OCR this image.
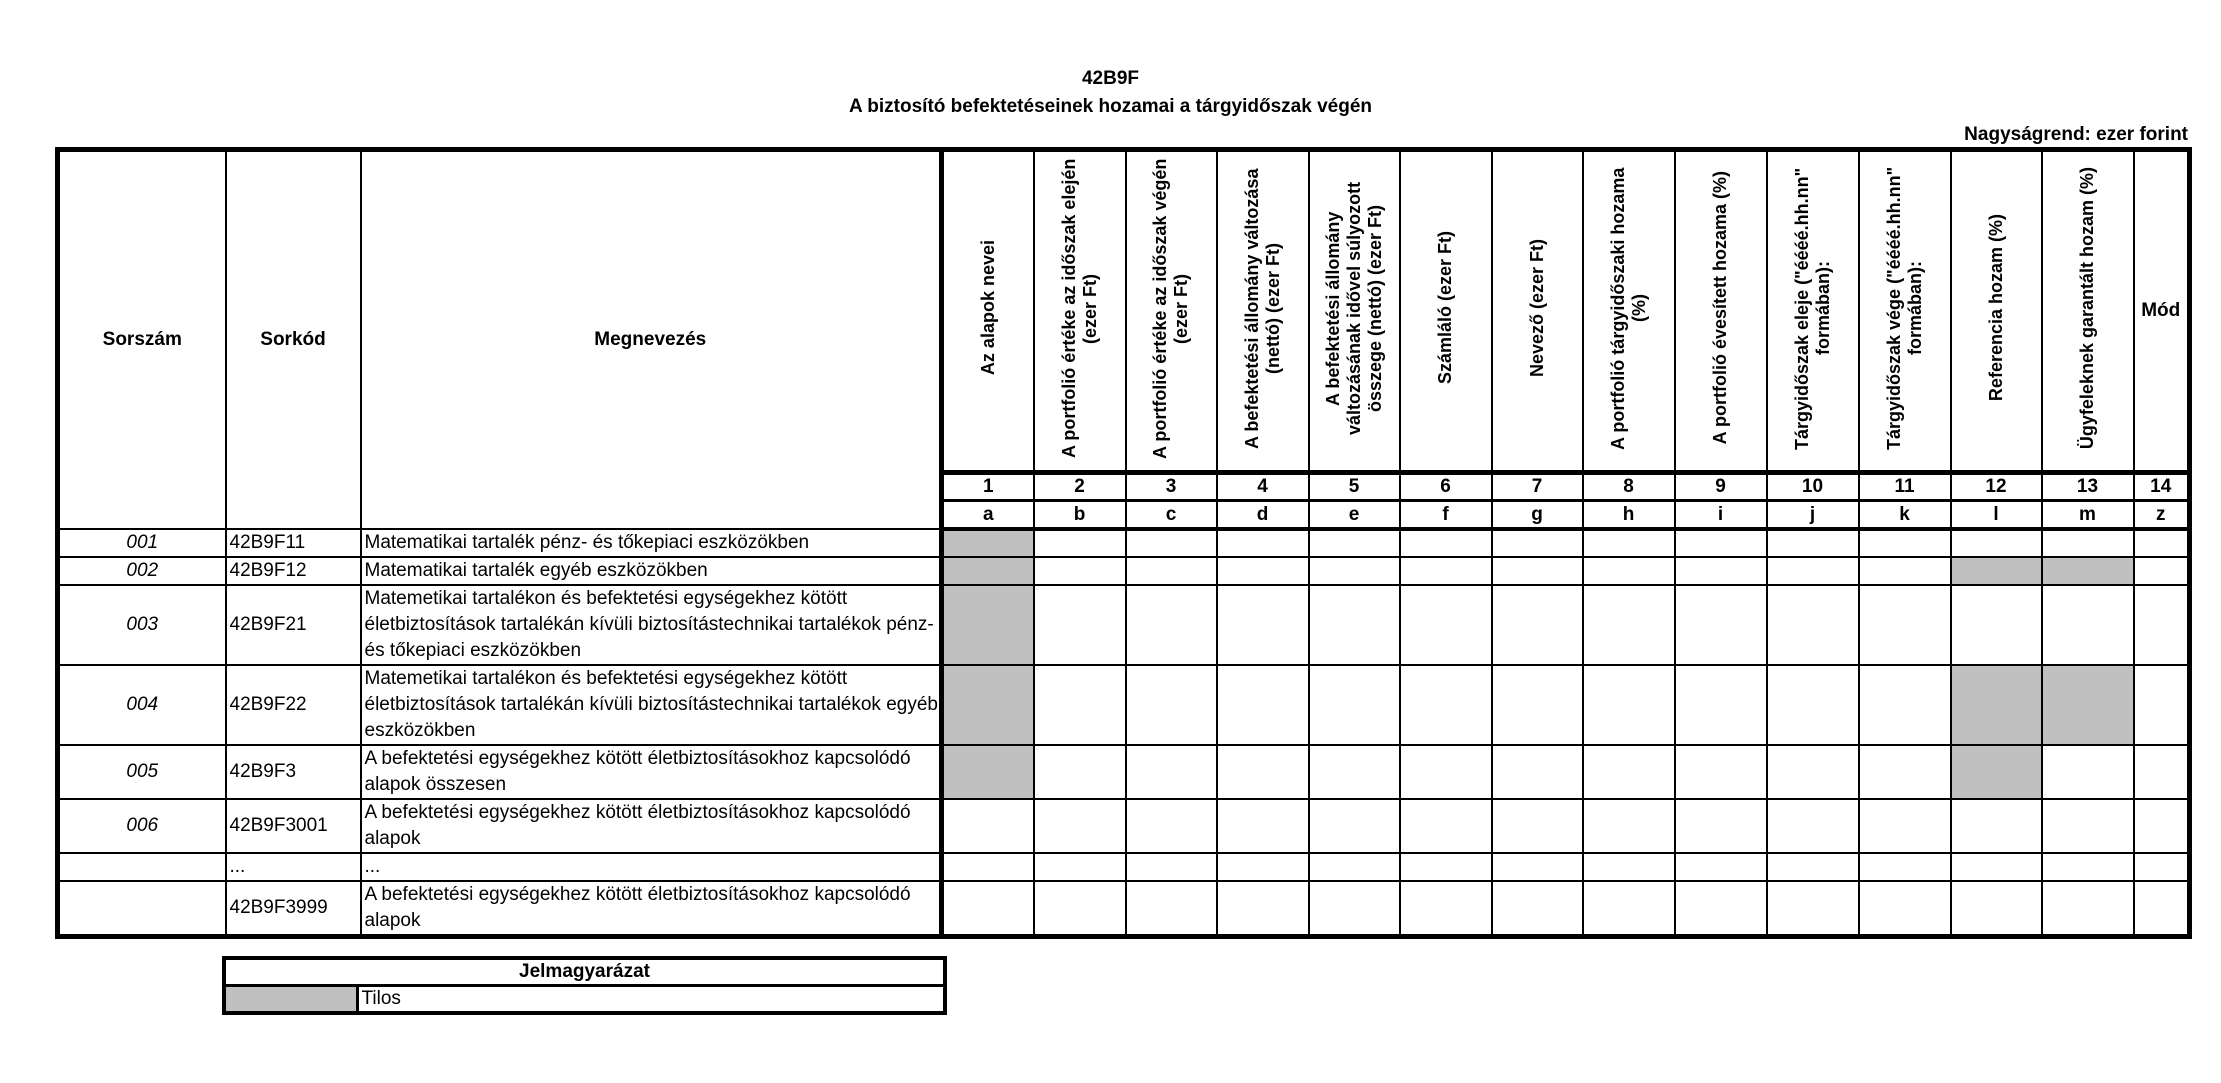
42B9F
A biztosító befektetéseinek hozamai a tárgyidőszak végén
Nagyságrend: ezer forint
Sorszám	Sorkód	Megnevezés	Az alapok nevei	A portfolió értéke az időszak elején (ezer Ft)	A portfolió értéke az időszak végén (ezer Ft)	A befektetési állomány változása (nettó) (ezer Ft)	A befektetési állomány változásának idővel súlyozott összege (nettó) (ezer Ft)	Számláló (ezer Ft)	Nevező (ezer Ft)	A portfolió tárgyidőszaki hozama (%)	A portfolió évesített hozama (%)	Tárgyidőszak eleje ("éééé.hh.nn" formában):	Tárgyidőszak vége ("éééé.hh.nn" formában):	Referencia hozam (%)	Ügyfeleknek garantált hozam (%)	Mód
			1	2	3	4	5	6	7	8	9	10	11	12	13	14
			a	b	c	d	e	f	g	h	i	j	k	l	m	z
001	42B9F11	Matematikai tartalék pénz- és tőkepiaci eszközökben														
002	42B9F12	Matematikai tartalék egyéb eszközökben														
003	42B9F21	Matemetikai tartalékon és befektetési egységekhez kötött életbiztosítások tartalékán kívüli biztosítástechnikai tartalékok pénz- és tőkepiaci eszközökben														
004	42B9F22	Matemetikai tartalékon és befektetési egységekhez kötött életbiztosítások tartalékán kívüli biztosítástechnikai tartalékok egyéb eszközökben														
005	42B9F3	A befektetési egységekhez kötött életbiztosításokhoz kapcsolódó alapok összesen														
006	42B9F3001	A befektetési egységekhez kötött életbiztosításokhoz kapcsolódó alapok														
	...	...														
	42B9F3999	A befektetési egységekhez kötött életbiztosításokhoz kapcsolódó alapok														
Jelmagyarázat
	Tilos
